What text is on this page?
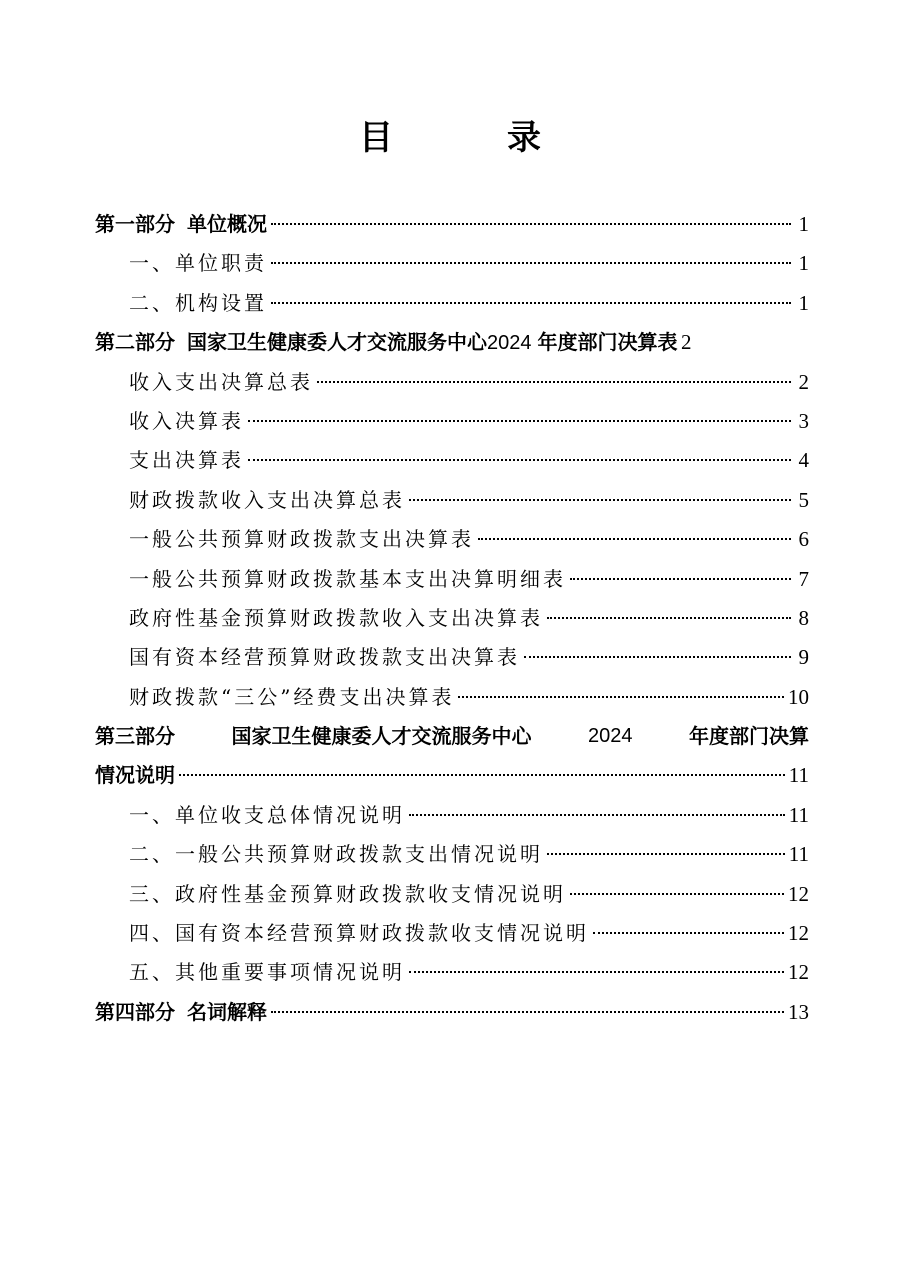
目　录
第一部分 单位概况	1
一、单位职责	1
二、机构设置	1
第二部分 国家卫生健康委人才交流服务中心2024 年度部门决算表 2
收入支出决算总表	2
收入决算表	3
支出决算表	4
财政拨款收入支出决算总表	5
一般公共预算财政拨款支出决算表	6
一般公共预算财政拨款基本支出决算明细表	7
政府性基金预算财政拨款收入支出决算表	8
国有资本经营预算财政拨款支出决算表	9
财政拨款“三公”经费支出决算表	10
第三部分	国家卫生健康委人才交流服务中心	2024	年度部门决算
情况说明	11
一、单位收支总体情况说明	11
二、一般公共预算财政拨款支出情况说明	11
三、政府性基金预算财政拨款收支情况说明	12
四、国有资本经营预算财政拨款收支情况说明	12
五、其他重要事项情况说明	12
第四部分 名词解释	13
